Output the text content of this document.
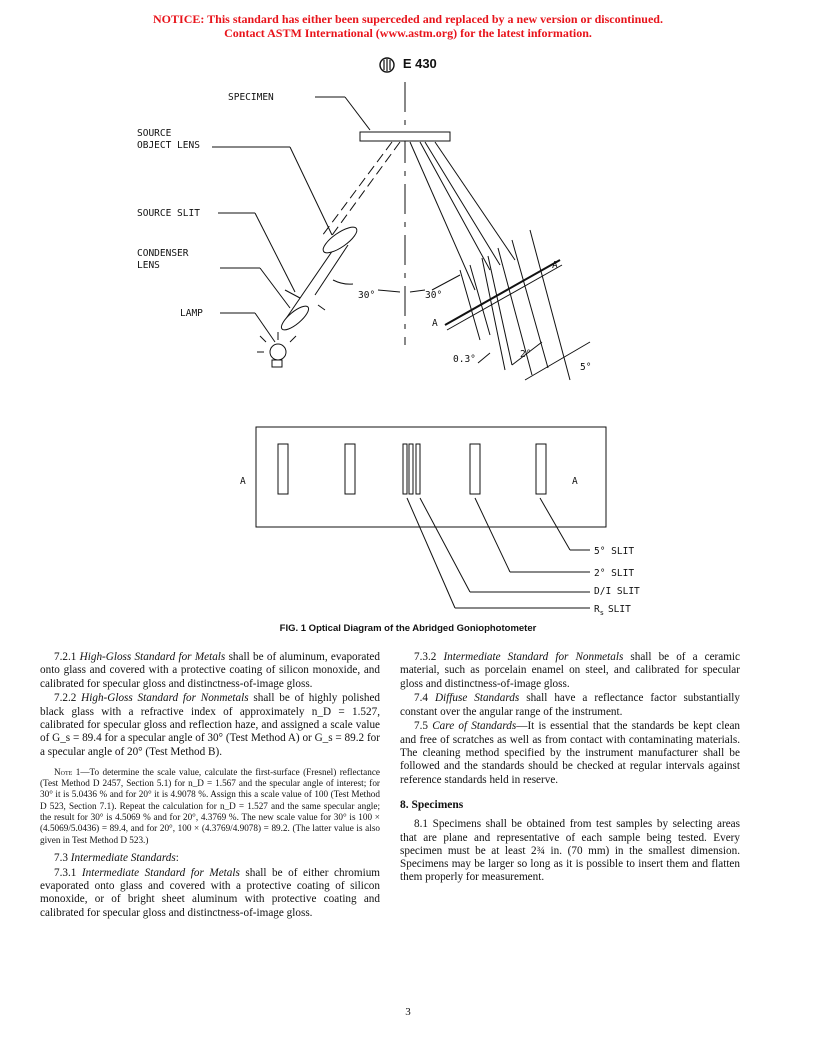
NOTICE: This standard has either been superceded and replaced by a new version or discontinued.
Contact ASTM International (www.astm.org) for the latest information.
E 430
SPECIMEN
SOURCE
OBJECT LENS
SOURCE SLIT
CONDENSER
LENS
LAMP
30°	30°
A
A
0.3°	2°
5°
A	A
5° SLIT
2° SLIT
D/I SLIT
$R_s$ SLIT
FIG. 1 Optical Diagram of the Abridged Goniophotometer

7.2.1 High-Gloss Standard for Metals shall be of aluminum, evaporated onto glass and covered with a protective coating of silicon monoxide, and calibrated for specular gloss and distinctness-of-image gloss.

7.2.2 High-Gloss Standard for Nonmetals shall be of highly polished black glass with a refractive index of approximately n_D = 1.527, calibrated for specular gloss and reflection haze, and assigned a scale value of G_s = 89.4 for a specular angle of 30° (Test Method A) or G_s = 89.2 for a specular angle of 20° (Test Method B).

Note 1—To determine the scale value, calculate the first-surface (Fresnel) reflectance (Test Method D 2457, Section 5.1) for n_D = 1.567 and the specular angle of interest; for 30° it is 5.0436 % and for 20° it is 4.9078 %. Assign this a scale value of 100 (Test Method D 523, Section 7.1). Repeat the calculation for n_D = 1.527 and the same specular angle; the result for 30° is 4.5069 % and for 20°, 4.3769 %. The new scale value for 30° is 100 × (4.5069/5.0436) = 89.4, and for 20°, 100 × (4.3769/4.9078) = 89.2. (The latter value is also given in Test Method D 523.)

7.3 Intermediate Standards:

7.3.1 Intermediate Standard for Metals shall be of either chromium evaporated onto glass and covered with a protective coating of silicon monoxide, or of bright sheet aluminum with protective coating and calibrated for specular gloss and distinctness-of-image gloss.

7.3.2 Intermediate Standard for Nonmetals shall be of a ceramic material, such as porcelain enamel on steel, and calibrated for specular gloss and distinctness-of-image gloss.

7.4 Diffuse Standards shall have a reflectance factor substantially constant over the angular range of the instrument.

7.5 Care of Standards—It is essential that the standards be kept clean and free of scratches as well as from contact with contaminating materials. The cleaning method specified by the instrument manufacturer shall be followed and the standards should be checked at regular intervals against reference standards held in reserve.

8. Specimens

8.1 Specimens shall be obtained from test samples by selecting areas that are plane and representative of each sample being tested. Every specimen must be at least 2¾ in. (70 mm) in the smallest dimension. Specimens may be larger so long as it is possible to insert them and flatten them properly for measurement.

3
